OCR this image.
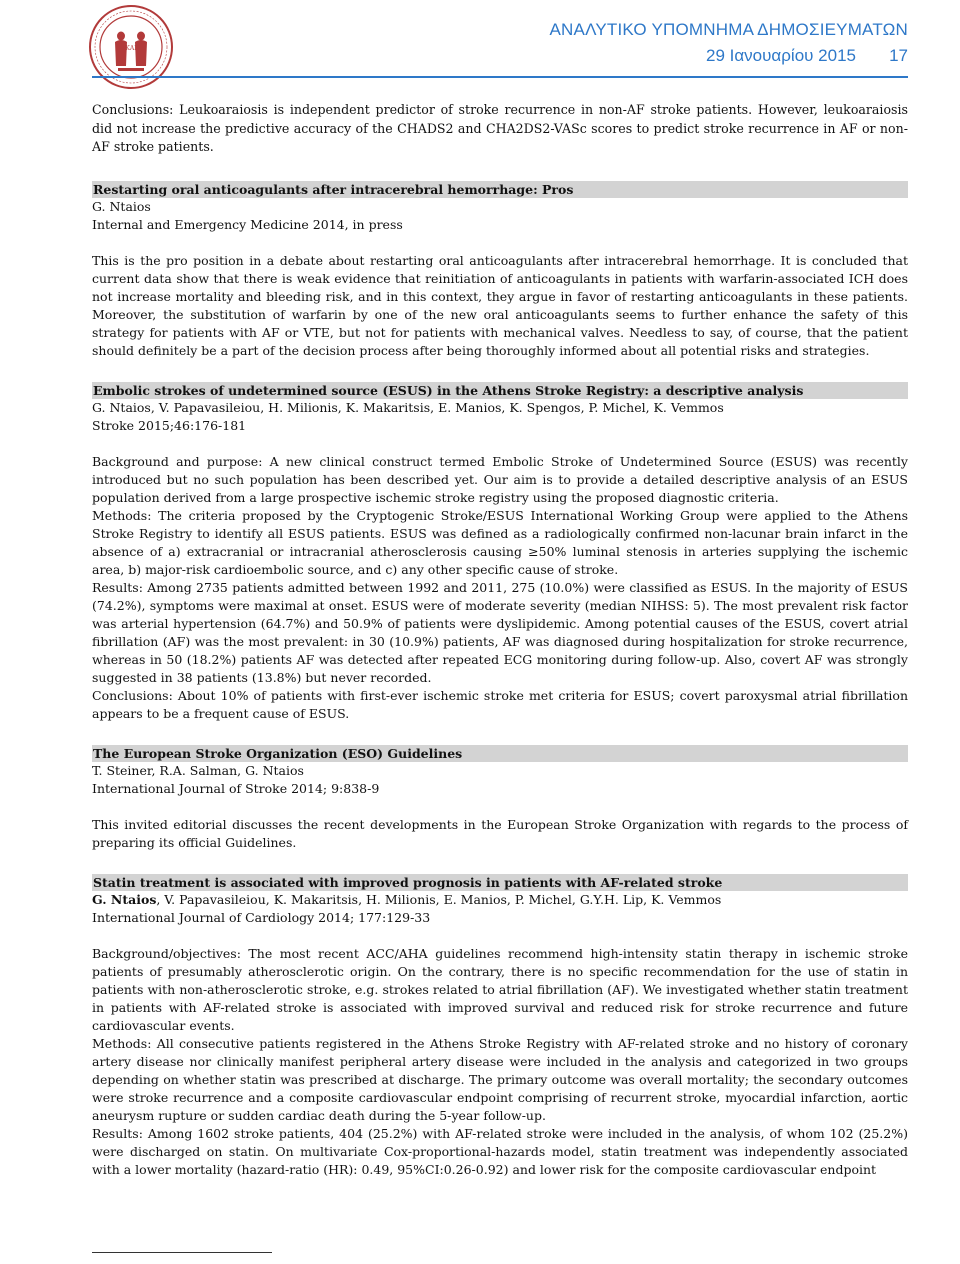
ΚΑΙ
ΑΝΑΛΥΤΙΚΟ ΥΠΟΜΝΗΜΑ ΔΗΜΟΣΙΕΥΜΑΤΩΝ
29 Ιανουαρίου 2015 17

Conclusions: Leukoaraiosis is independent predictor of stroke recurrence in non-AF stroke patients. However, leukoaraiosis did not increase the predictive accuracy of the CHADS2 and CHA2DS2-VASc scores to predict stroke recurrence in AF or non-AF stroke patients.

Restarting oral anticoagulants after intracerebral hemorrhage: Pros
G. Ntaios
Internal and Emergency Medicine 2014, in press

This is the pro position in a debate about restarting oral anticoagulants after intracerebral hemorrhage. It is concluded that current data show that there is weak evidence that reinitiation of anticoagulants in patients with warfarin-associated ICH does not increase mortality and bleeding risk, and in this context, they argue in favor of restarting anticoagulants in these patients. Moreover, the substitution of warfarin by one of the new oral anticoagulants seems to further enhance the safety of this strategy for patients with AF or VTE, but not for patients with mechanical valves. Needless to say, of course, that the patient should definitely be a part of the decision process after being thoroughly informed about all potential risks and strategies.

Embolic strokes of undetermined source (ESUS) in the Athens Stroke Registry: a descriptive analysis
G. Ntaios, V. Papavasileiou, H. Milionis, K. Makaritsis, E. Manios, K. Spengos, P. Michel, K. Vemmos
Stroke 2015;46:176-181

Background and purpose: A new clinical construct termed Embolic Stroke of Undetermined Source (ESUS) was recently introduced but no such population has been described yet. Our aim is to provide a detailed descriptive analysis of an ESUS population derived from a large prospective ischemic stroke registry using the proposed diagnostic criteria.

Methods: The criteria proposed by the Cryptogenic Stroke/ESUS International Working Group were applied to the Athens Stroke Registry to identify all ESUS patients. ESUS was defined as a radiologically confirmed non-lacunar brain infarct in the absence of a) extracranial or intracranial atherosclerosis causing ≥50% luminal stenosis in arteries supplying the ischemic area, b) major-risk cardioembolic source, and c) any other specific cause of stroke.

Results: Among 2735 patients admitted between 1992 and 2011, 275 (10.0%) were classified as ESUS. In the majority of ESUS (74.2%), symptoms were maximal at onset. ESUS were of moderate severity (median NIHSS: 5). The most prevalent risk factor was arterial hypertension (64.7%) and 50.9% of patients were dyslipidemic. Among potential causes of the ESUS, covert atrial fibrillation (AF) was the most prevalent: in 30 (10.9%) patients, AF was diagnosed during hospitalization for stroke recurrence, whereas in 50 (18.2%) patients AF was detected after repeated ECG monitoring during follow-up. Also, covert AF was strongly suggested in 38 patients (13.8%) but never recorded.

Conclusions: About 10% of patients with first-ever ischemic stroke met criteria for ESUS; covert paroxysmal atrial fibrillation appears to be a frequent cause of ESUS.

The European Stroke Organization (ESO) Guidelines
T. Steiner, R.A. Salman, G. Ntaios
International Journal of Stroke 2014; 9:838-9

This invited editorial discusses the recent developments in the European Stroke Organization with regards to the process of preparing its official Guidelines.

Statin treatment is associated with improved prognosis in patients with AF-related stroke
G. Ntaios, V. Papavasileiou, K. Makaritsis, H. Milionis, E. Manios, P. Michel, G.Y.H. Lip, K. Vemmos
International Journal of Cardiology 2014; 177:129-33

Background/objectives: The most recent ACC/AHA guidelines recommend high-intensity statin therapy in ischemic stroke patients of presumably atherosclerotic origin. On the contrary, there is no specific recommendation for the use of statin in patients with non-atherosclerotic stroke, e.g. strokes related to atrial fibrillation (AF). We investigated whether statin treatment in patients with AF-related stroke is associated with improved survival and reduced risk for stroke recurrence and future cardiovascular events.

Methods: All consecutive patients registered in the Athens Stroke Registry with AF-related stroke and no history of coronary artery disease nor clinically manifest peripheral artery disease were included in the analysis and categorized in two groups depending on whether statin was prescribed at discharge. The primary outcome was overall mortality; the secondary outcomes were stroke recurrence and a composite cardiovascular endpoint comprising of recurrent stroke, myocardial infarction, aortic aneurysm rupture or sudden cardiac death during the 5-year follow-up.

Results: Among 1602 stroke patients, 404 (25.2%) with AF-related stroke were included in the analysis, of whom 102 (25.2%) were discharged on statin. On multivariate Cox-proportional-hazards model, statin treatment was independently associated with a lower mortality (hazard-ratio (HR): 0.49, 95%CI:0.26-0.92) and lower risk for the composite cardiovascular endpoint
